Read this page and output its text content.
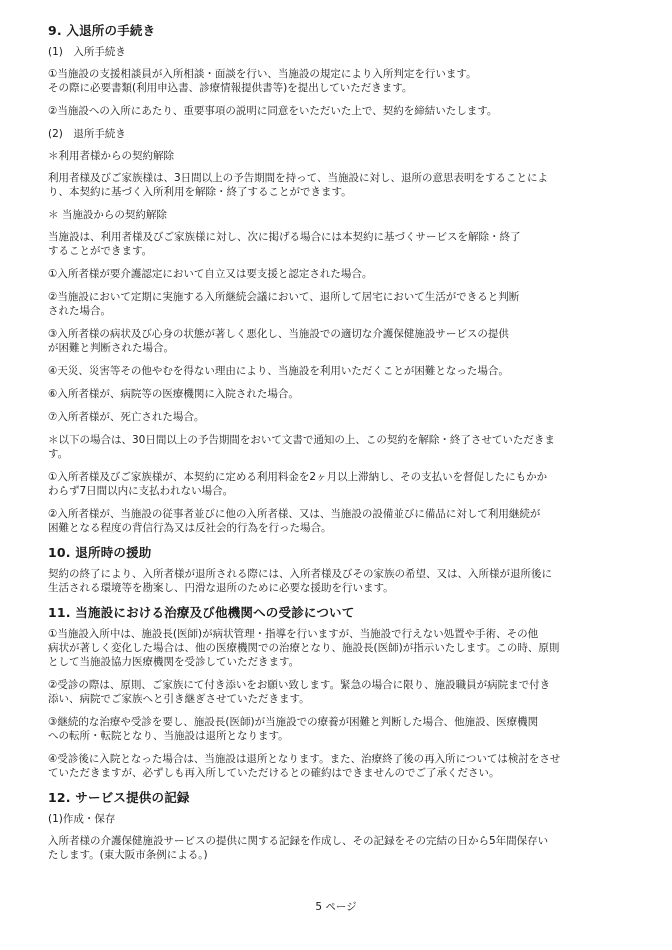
9. 入退所の手続き
(1)　入所手続き
①当施設の支援相談員が入所相談・面談を行い、当施設の規定により入所判定を行います。
その際に必要書類(利用申込書、診療情報提供書等)を提出していただきます。
②当施設への入所にあたり、重要事項の説明に同意をいただいた上で、契約を締結いたします。
(2)　退所手続き
＊利用者様からの契約解除
利用者様及びご家族様は、3日間以上の予告期間を持って、当施設に対し、退所の意思表明をすることによ
り、本契約に基づく入所利用を解除・終了することができます。
＊ 当施設からの契約解除
当施設は、利用者様及びご家族様に対し、次に掲げる場合には本契約に基づくサービスを解除・終了
することができます。
①入所者様が要介護認定において自立又は要支援と認定された場合。
②当施設において定期に実施する入所継続会議において、退所して居宅において生活ができると判断
された場合。
③入所者様の病状及び心身の状態が著しく悪化し、当施設での適切な介護保健施設サービスの提供
が困難と判断された場合。
④天災、災害等その他やむを得ない理由により、当施設を利用いただくことが困難となった場合。
⑥入所者様が、病院等の医療機関に入院された場合。
⑦入所者様が、死亡された場合。
＊以下の場合は、30日間以上の予告期間をおいて文書で通知の上、この契約を解除・終了させていただきま
す。
①入所者様及びご家族様が、本契約に定める利用料金を2ヶ月以上滞納し、その支払いを督促したにもかか
わらず7日間以内に支払われない場合。
②入所者様が、当施設の従事者並びに他の入所者様、又は、当施設の設備並びに備品に対して利用継続が
困難となる程度の背信行為又は反社会的行為を行った場合。
10. 退所時の援助
契約の終了により、入所者様が退所される際には、入所者様及びその家族の希望、又は、入所様が退所後に
生活される環境等を勘案し、円滑な退所のために必要な援助を行います。
11. 当施設における治療及び他機関への受診について
①当施設入所中は、施設長(医師)が病状管理・指導を行いますが、当施設で行えない処置や手術、その他
病状が著しく変化した場合は、他の医療機関での治療となり、施設長(医師)が指示いたします。この時、原則
として当施設協力医療機関を受診していただきます。
②受診の際は、原則、ご家族にて付き添いをお願い致します。緊急の場合に限り、施設職員が病院まで付き
添い、病院でご家族へと引き継ぎさせていただきます。
③継続的な治療や受診を要し、施設長(医師)が当施設での療養が困難と判断した場合、他施設、医療機関
への転所・転院となり、当施設は退所となります。
④受診後に入院となった場合は、当施設は退所となります。また、治療終了後の再入所については検討をさせ
ていただきますが、必ずしも再入所していただけるとの確約はできませんのでご了承ください。
12. サービス提供の記録
(1)作成・保存
入所者様の介護保健施設サービスの提供に関する記録を作成し、その記録をその完結の日から5年間保存い
たします。(東大阪市条例による。)
5 ページ
